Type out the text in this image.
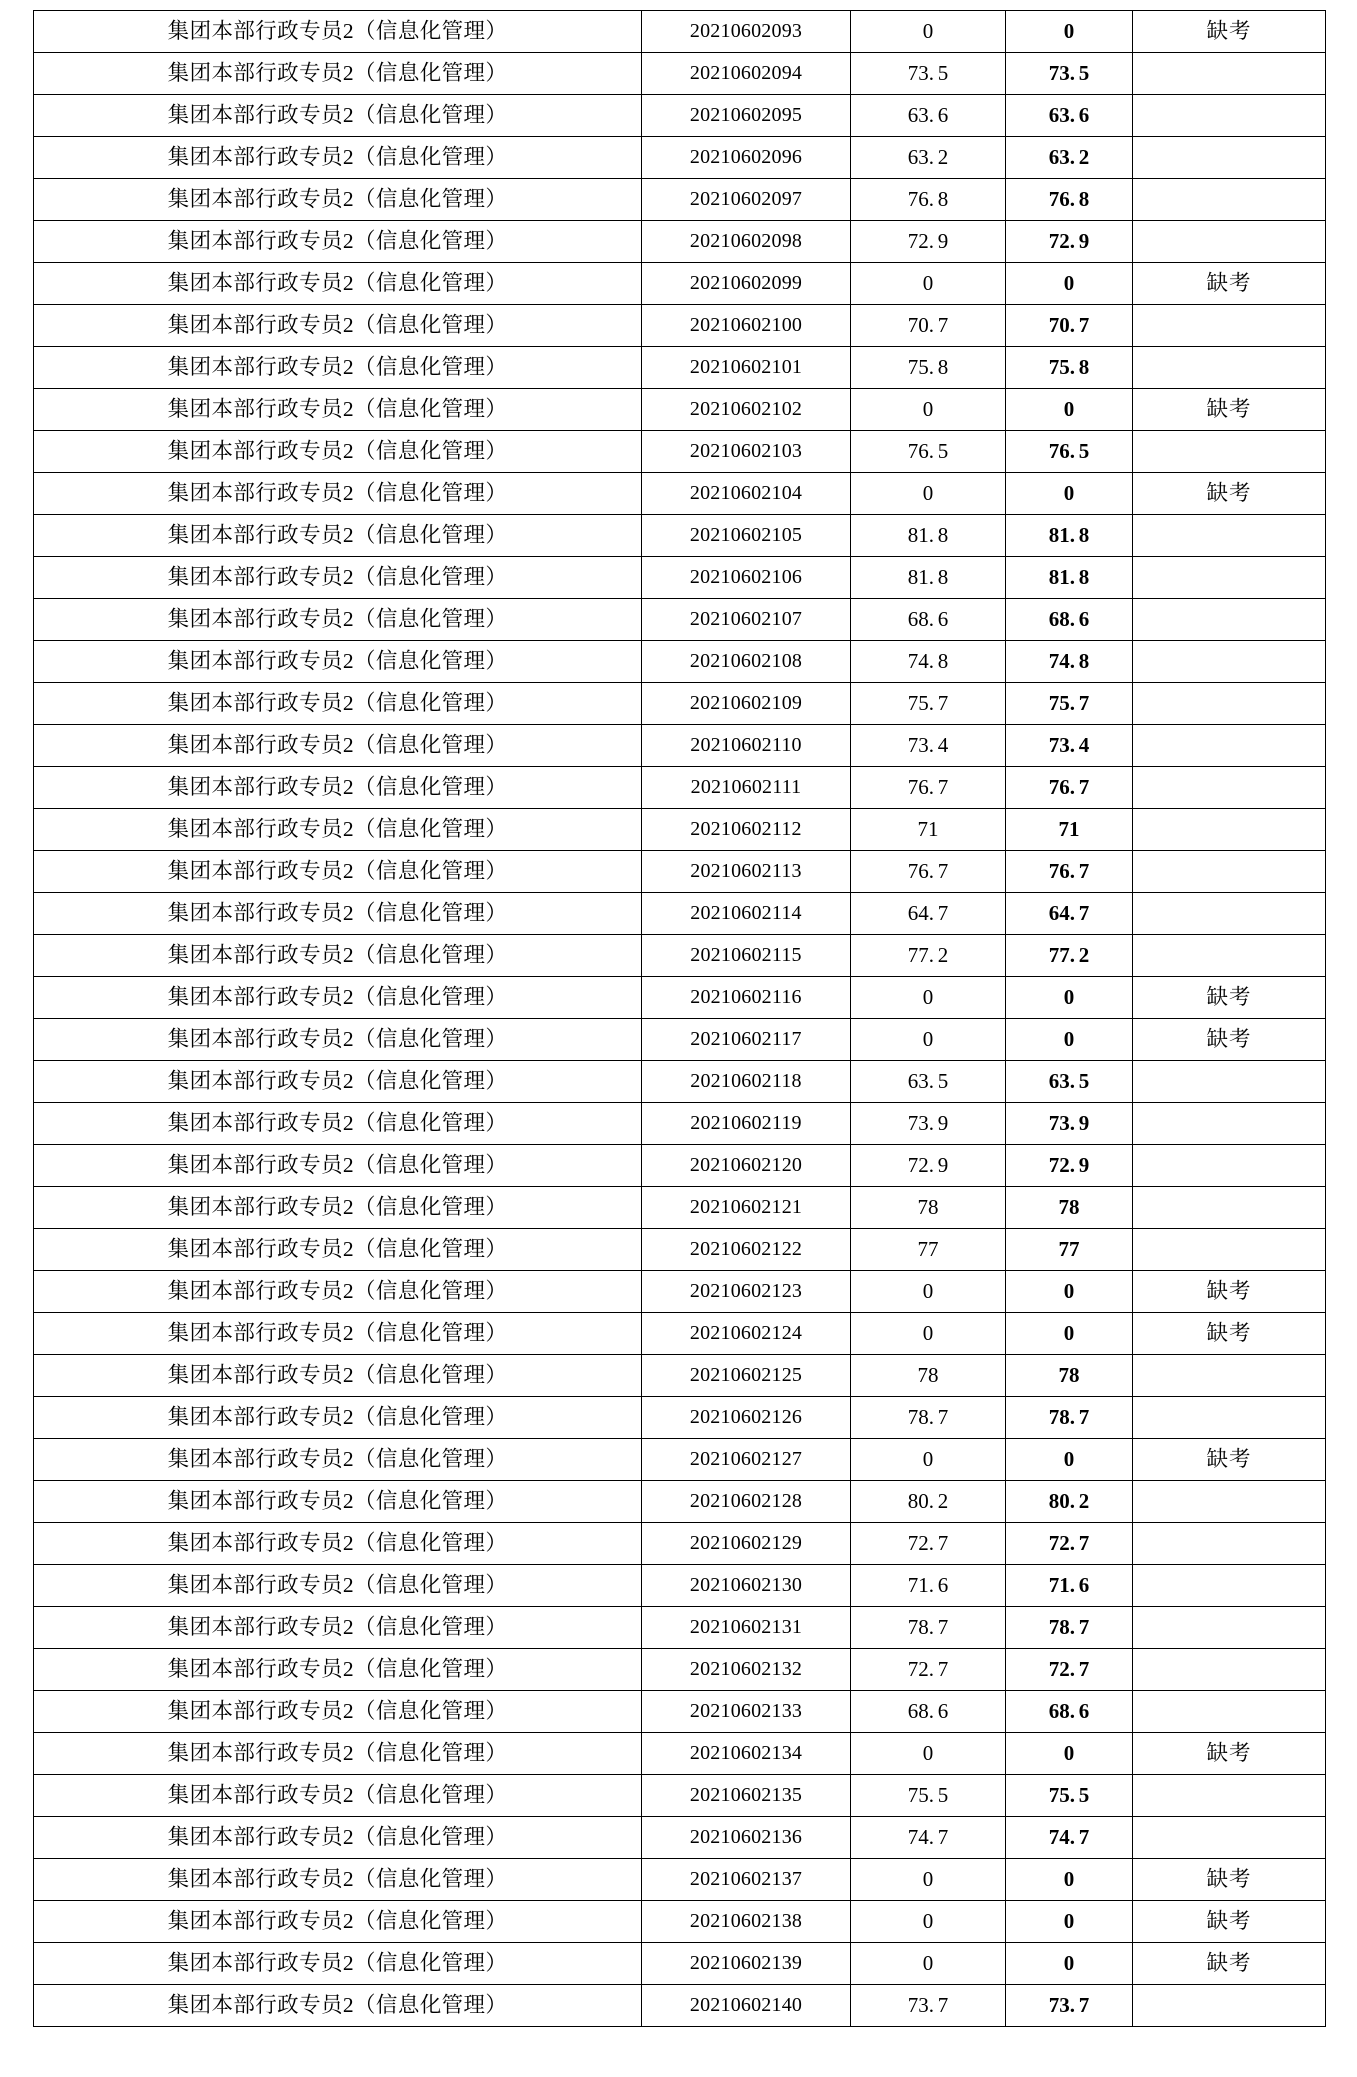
集团本部行政专员2（信息化管理）	20210602093	0	0	缺考
集团本部行政专员2（信息化管理）	20210602094	73.5	73.5	
集团本部行政专员2（信息化管理）	20210602095	63.6	63.6	
集团本部行政专员2（信息化管理）	20210602096	63.2	63.2	
集团本部行政专员2（信息化管理）	20210602097	76.8	76.8	
集团本部行政专员2（信息化管理）	20210602098	72.9	72.9	
集团本部行政专员2（信息化管理）	20210602099	0	0	缺考
集团本部行政专员2（信息化管理）	20210602100	70.7	70.7	
集团本部行政专员2（信息化管理）	20210602101	75.8	75.8	
集团本部行政专员2（信息化管理）	20210602102	0	0	缺考
集团本部行政专员2（信息化管理）	20210602103	76.5	76.5	
集团本部行政专员2（信息化管理）	20210602104	0	0	缺考
集团本部行政专员2（信息化管理）	20210602105	81.8	81.8	
集团本部行政专员2（信息化管理）	20210602106	81.8	81.8	
集团本部行政专员2（信息化管理）	20210602107	68.6	68.6	
集团本部行政专员2（信息化管理）	20210602108	74.8	74.8	
集团本部行政专员2（信息化管理）	20210602109	75.7	75.7	
集团本部行政专员2（信息化管理）	20210602110	73.4	73.4	
集团本部行政专员2（信息化管理）	20210602111	76.7	76.7	
集团本部行政专员2（信息化管理）	20210602112	71	71	
集团本部行政专员2（信息化管理）	20210602113	76.7	76.7	
集团本部行政专员2（信息化管理）	20210602114	64.7	64.7	
集团本部行政专员2（信息化管理）	20210602115	77.2	77.2	
集团本部行政专员2（信息化管理）	20210602116	0	0	缺考
集团本部行政专员2（信息化管理）	20210602117	0	0	缺考
集团本部行政专员2（信息化管理）	20210602118	63.5	63.5	
集团本部行政专员2（信息化管理）	20210602119	73.9	73.9	
集团本部行政专员2（信息化管理）	20210602120	72.9	72.9	
集团本部行政专员2（信息化管理）	20210602121	78	78	
集团本部行政专员2（信息化管理）	20210602122	77	77	
集团本部行政专员2（信息化管理）	20210602123	0	0	缺考
集团本部行政专员2（信息化管理）	20210602124	0	0	缺考
集团本部行政专员2（信息化管理）	20210602125	78	78	
集团本部行政专员2（信息化管理）	20210602126	78.7	78.7	
集团本部行政专员2（信息化管理）	20210602127	0	0	缺考
集团本部行政专员2（信息化管理）	20210602128	80.2	80.2	
集团本部行政专员2（信息化管理）	20210602129	72.7	72.7	
集团本部行政专员2（信息化管理）	20210602130	71.6	71.6	
集团本部行政专员2（信息化管理）	20210602131	78.7	78.7	
集团本部行政专员2（信息化管理）	20210602132	72.7	72.7	
集团本部行政专员2（信息化管理）	20210602133	68.6	68.6	
集团本部行政专员2（信息化管理）	20210602134	0	0	缺考
集团本部行政专员2（信息化管理）	20210602135	75.5	75.5	
集团本部行政专员2（信息化管理）	20210602136	74.7	74.7	
集团本部行政专员2（信息化管理）	20210602137	0	0	缺考
集团本部行政专员2（信息化管理）	20210602138	0	0	缺考
集团本部行政专员2（信息化管理）	20210602139	0	0	缺考
集团本部行政专员2（信息化管理）	20210602140	73.7	73.7	
